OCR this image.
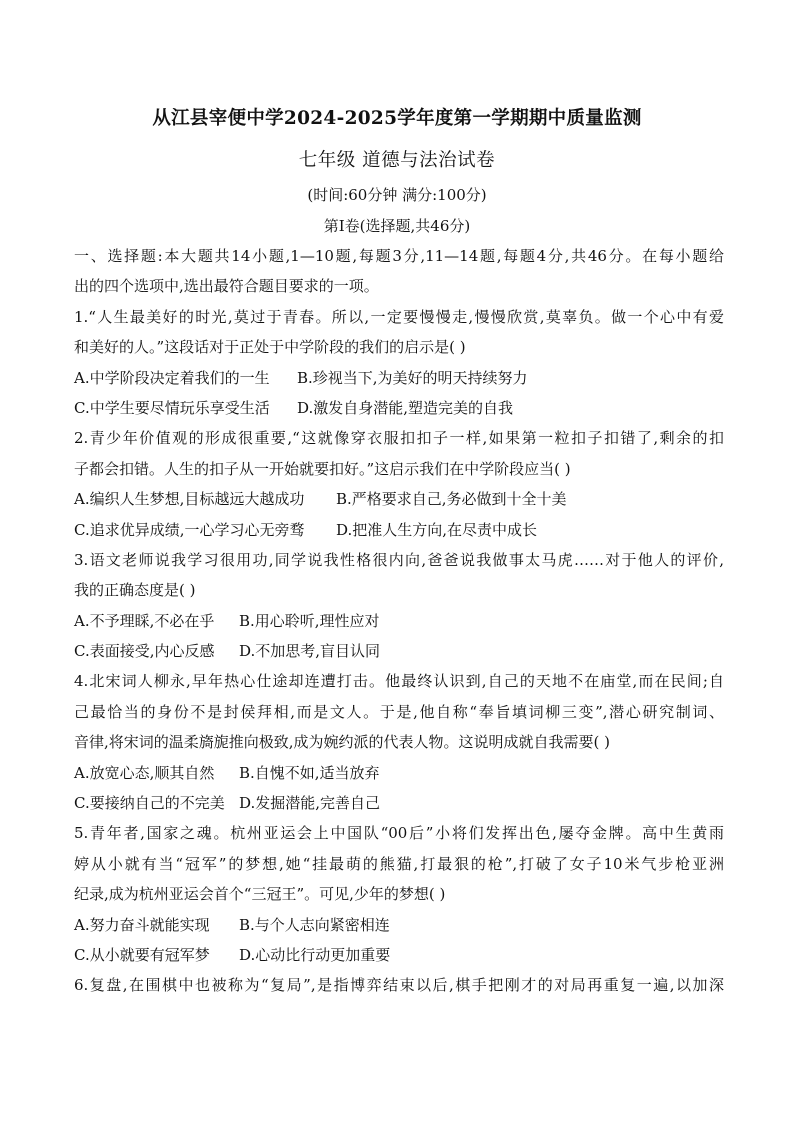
从江县宰便中学2024-2025学年度第一学期期中质量监测
七年级 道德与法治试卷
(时间:60分钟 满分:100分)
第Ⅰ卷(选择题,共46分)
一、选择题:本大题共14小题,1—10题,每题3分,11—14题,每题4分,共46分。在每小题给
出的四个选项中,选出最符合题目要求的一项。
1.“人生最美好的时光,莫过于青春。所以,一定要慢慢走,慢慢欣赏,莫辜负。做一个心中有爱
和美好的人。”这段话对于正处于中学阶段的我们的启示是( )
A.中学阶段决定着我们的一生 B.珍视当下,为美好的明天持续努力
C.中学生要尽情玩乐享受生活 D.激发自身潜能,塑造完美的自我
2.青少年价值观的形成很重要,“这就像穿衣服扣扣子一样,如果第一粒扣子扣错了,剩余的扣
子都会扣错。人生的扣子从一开始就要扣好。”这启示我们在中学阶段应当( )
A.编织人生梦想,目标越远大越成功 B.严格要求自己,务必做到十全十美
C.追求优异成绩,一心学习心无旁骛 D.把准人生方向,在尽责中成长
3.语文老师说我学习很用功,同学说我性格很内向,爸爸说我做事太马虎……对于他人的评价,
我的正确态度是( )
A.不予理睬,不必在乎 B.用心聆听,理性应对
C.表面接受,内心反感 D.不加思考,盲目认同
4.北宋词人柳永,早年热心仕途却连遭打击。他最终认识到,自己的天地不在庙堂,而在民间;自
己最恰当的身份不是封侯拜相,而是文人。于是,他自称“奉旨填词柳三变”,潜心研究制词、
音律,将宋词的温柔旖旎推向极致,成为婉约派的代表人物。这说明成就自我需要( )
A.放宽心态,顺其自然 B.自愧不如,适当放弃
C.要接纳自己的不完美 D.发掘潜能,完善自己
5.青年者,国家之魂。杭州亚运会上中国队“00后”小将们发挥出色,屡夺金牌。高中生黄雨
婷从小就有当“冠军”的梦想,她“挂最萌的熊猫,打最狠的枪”,打破了女子10米气步枪亚洲
纪录,成为杭州亚运会首个“三冠王”。可见,少年的梦想( )
A.努力奋斗就能实现 B.与个人志向紧密相连
C.从小就要有冠军梦 D.心动比行动更加重要
6.复盘,在围棋中也被称为“复局”,是指博弈结束以后,棋手把刚才的对局再重复一遍,以加深
